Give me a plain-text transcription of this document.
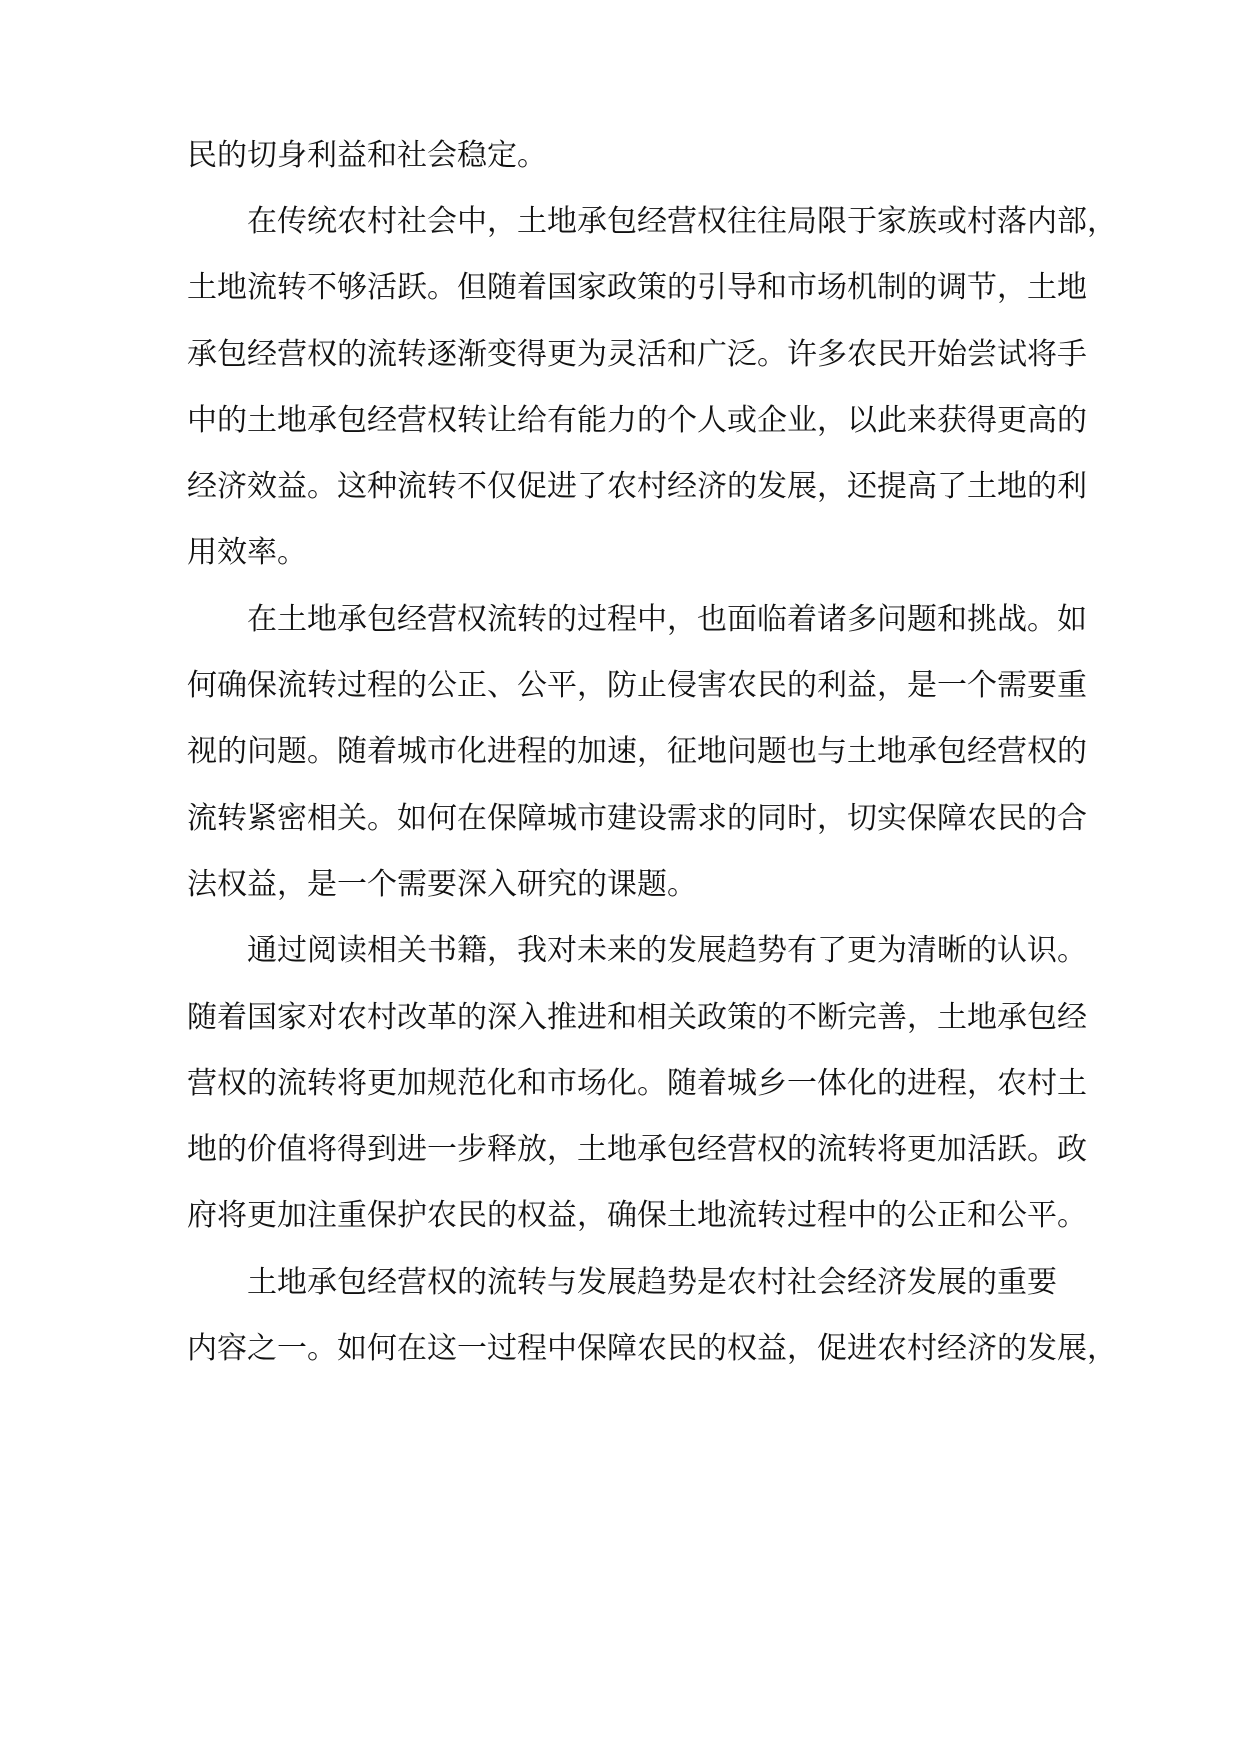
民的切身利益和社会稳定。
在传统农村社会中，土地承包经营权往往局限于家族或村落内部，
土地流转不够活跃。但随着国家政策的引导和市场机制的调节，土地
承包经营权的流转逐渐变得更为灵活和广泛。许多农民开始尝试将手
中的土地承包经营权转让给有能力的个人或企业，以此来获得更高的
经济效益。这种流转不仅促进了农村经济的发展，还提高了土地的利
用效率。
在土地承包经营权流转的过程中，也面临着诸多问题和挑战。如
何确保流转过程的公正、公平，防止侵害农民的利益，是一个需要重
视的问题。随着城市化进程的加速，征地问题也与土地承包经营权的
流转紧密相关。如何在保障城市建设需求的同时，切实保障农民的合
法权益，是一个需要深入研究的课题。
通过阅读相关书籍，我对未来的发展趋势有了更为清晰的认识。
随着国家对农村改革的深入推进和相关政策的不断完善，土地承包经
营权的流转将更加规范化和市场化。随着城乡一体化的进程，农村土
地的价值将得到进一步释放，土地承包经营权的流转将更加活跃。政
府将更加注重保护农民的权益，确保土地流转过程中的公正和公平。
土地承包经营权的流转与发展趋势是农村社会经济发展的重要
内容之一。如何在这一过程中保障农民的权益，促进农村经济的发展，
